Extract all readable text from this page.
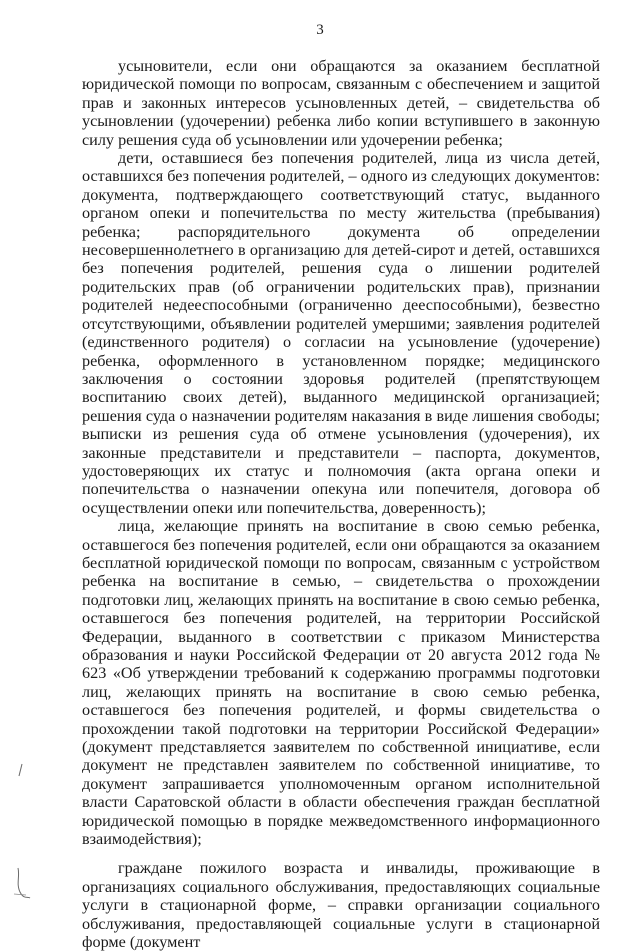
3

усыновители, если они обращаются за оказанием бесплатной юридической помощи по вопросам, связанным с обеспечением и защитой прав и законных интересов усыновленных детей, – свидетельства об усыновлении (удочерении) ребенка либо копии вступившего в законную силу решения суда об усыновлении или удочерении ребенка;

дети, оставшиеся без попечения родителей, лица из числа детей, оставшихся без попечения родителей, – одного из следующих документов: документа, подтверждающего соответствующий статус, выданного органом опеки и попечительства по месту жительства (пребывания) ребенка; распорядительного документа об определении несовершеннолетнего в организацию для детей-сирот и детей, оставшихся без попечения родителей, решения суда о лишении родителей родительских прав (об ограничении родительских прав), признании родителей недееспособными (ограниченно дееспособными), безвестно отсутствующими, объявлении родителей умершими; заявления родителей (единственного родителя) о согласии на усыновление (удочерение) ребенка, оформленного в установленном порядке; медицинского заключения о состоянии здоровья родителей (препятствующем воспитанию своих детей), выданного медицинской организацией; решения суда о назначении родителям наказания в виде лишения свободы; выписки из решения суда об отмене усыновления (удочерения), их законные представители и представители – паспорта, документов, удостоверяющих их статус и полномочия (акта органа опеки и попечительства о назначении опекуна или попечителя, договора об осуществлении опеки или попечительства, доверенность);

лица, желающие принять на воспитание в свою семью ребенка, оставшегося без попечения родителей, если они обращаются за оказанием бесплатной юридической помощи по вопросам, связанным с устройством ребенка на воспитание в семью, – свидетельства о прохождении подготовки лиц, желающих принять на воспитание в свою семью ребенка, оставшегося без попечения родителей, на территории Российской Федерации, выданного в соответствии с приказом Министерства образования и науки Российской Федерации от 20 августа 2012 года № 623 «Об утверждении требований к содержанию программы подготовки лиц, желающих принять на воспитание в свою семью ребенка, оставшегося без попечения родителей, и формы свидетельства о прохождении такой подготовки на территории Российской Федерации» (документ представляется заявителем по собственной инициативе, если документ не представлен заявителем по собственной инициативе, то документ запрашивается уполномоченным органом исполнительной власти Саратовской области в области обеспечения граждан бесплатной юридической помощью в порядке межведомственного информационного взаимодействия);

граждане пожилого возраста и инвалиды, проживающие в организациях социального обслуживания, предоставляющих социальные услуги в стационарной форме, – справки организации социального обслуживания, предоставляющей социальные услуги в стационарной форме (документ
